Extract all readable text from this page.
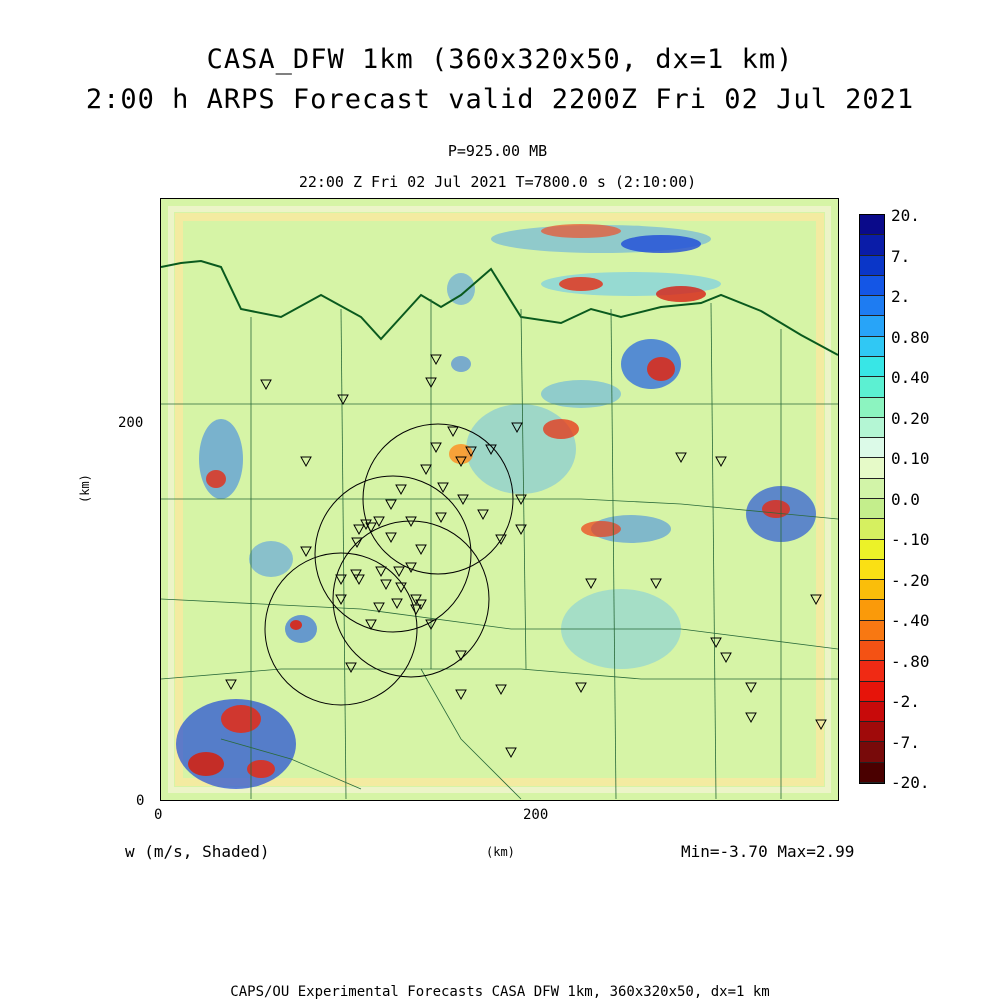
CASA_DFW 1km (360x320x50, dx=1 km)
2:00 h ARPS Forecast valid 2200Z Fri 02 Jul 2021
P=925.00 MB
22:00 Z Fri 02 Jul 2021 T=7800.0 s (2:10:00)
0
200
0	200
(km)
(km)
w (m/s, Shaded)	Min=-3.70 Max=2.99
20.
7.
2.
0.80
0.40
0.20
0.10
0.0
-.10
-.20
-.40
-.80
-2.
-7.
-20.
CAPS/OU Experimental Forecasts CASA DFW 1km, 360x320x50, dx=1 km
